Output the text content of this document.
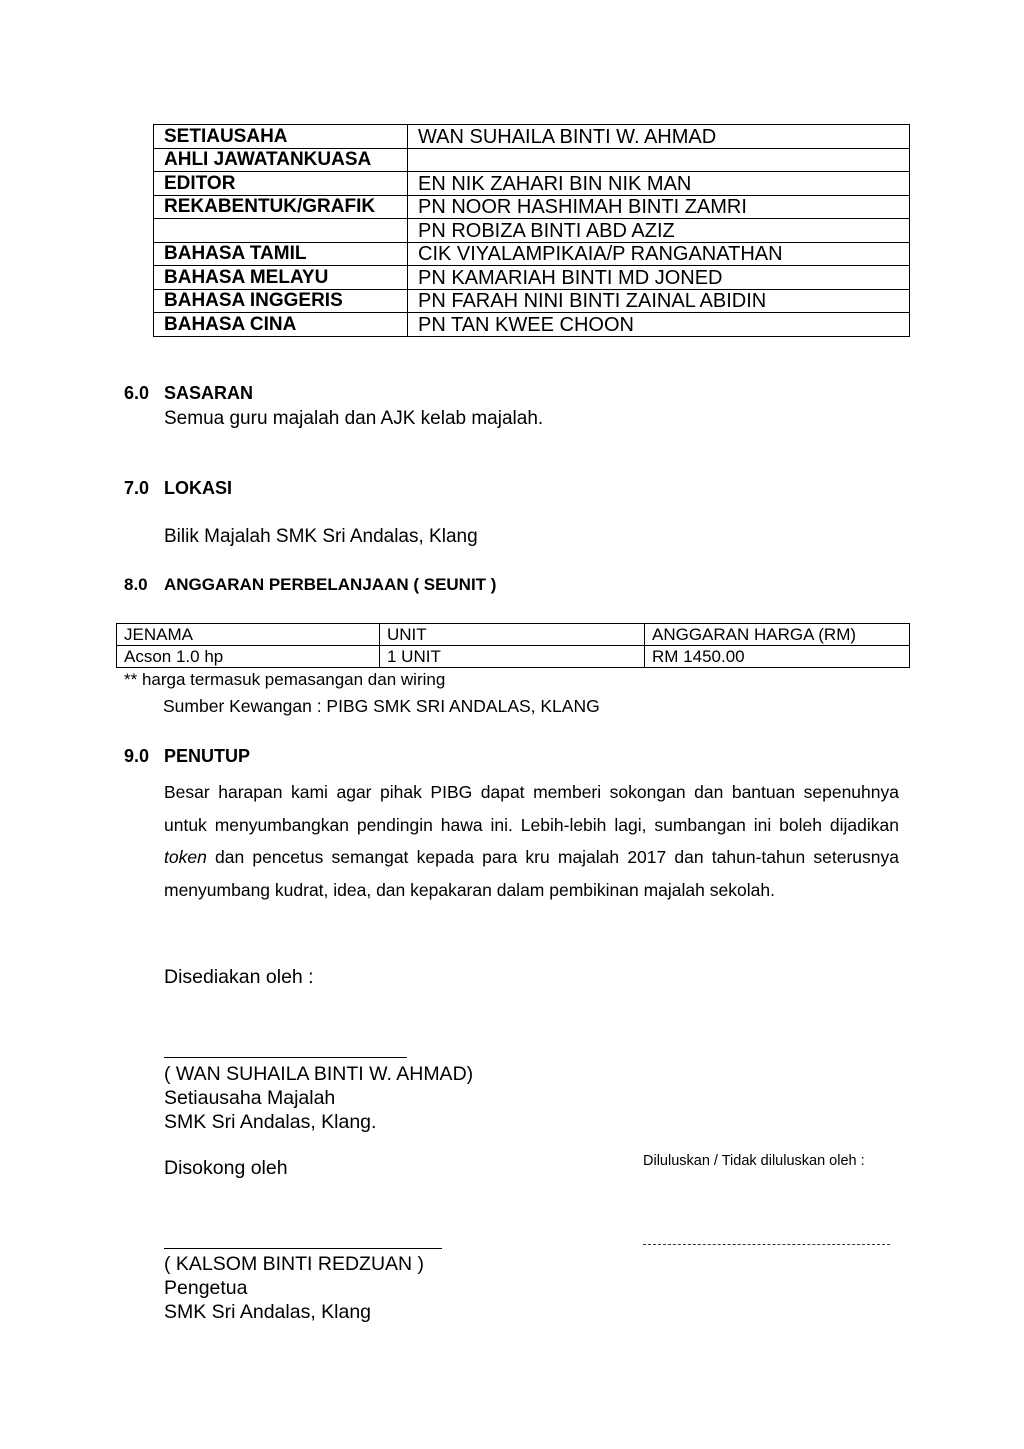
SETIAUSAHA	WAN SUHAILA BINTI W. AHMAD
AHLI JAWATANKUASA	
EDITOR	EN NIK ZAHARI BIN NIK MAN
REKABENTUK/GRAFIK	PN NOOR HASHIMAH BINTI ZAMRI
	PN ROBIZA BINTI ABD AZIZ
BAHASA TAMIL	CIK VIYALAMPIKAIA/P RANGANATHAN
BAHASA MELAYU	PN KAMARIAH BINTI MD JONED
BAHASA INGGERIS	PN FARAH NINI BINTI ZAINAL ABIDIN
BAHASA CINA	PN TAN KWEE CHOON
6.0 SASARAN
Semua guru majalah dan AJK kelab majalah.
7.0 LOKASI
Bilik Majalah SMK Sri Andalas, Klang
8.0 ANGGARAN PERBELANJAAN ( SEUNIT )
JENAMA	UNIT	ANGGARAN HARGA (RM)
Acson 1.0 hp	1 UNIT	RM 1450.00
** harga termasuk pemasangan dan wiring
Sumber Kewangan : PIBG SMK SRI ANDALAS, KLANG
9.0 PENUTUP
Besar harapan kami agar pihak PIBG dapat memberi sokongan dan bantuan sepenuhnya untuk menyumbangkan pendingin hawa ini. Lebih-lebih lagi, sumbangan ini boleh dijadikan token dan pencetus semangat kepada para kru majalah 2017 dan tahun-tahun seterusnya menyumbang kudrat, idea, dan kepakaran dalam pembikinan majalah sekolah.
Disediakan oleh :
( WAN SUHAILA BINTI W. AHMAD)
Setiausaha Majalah
SMK Sri Andalas, Klang.
Disokong oleh
( KALSOM BINTI REDZUAN )
Pengetua
SMK Sri Andalas, Klang
Diluluskan / Tidak diluluskan oleh :
